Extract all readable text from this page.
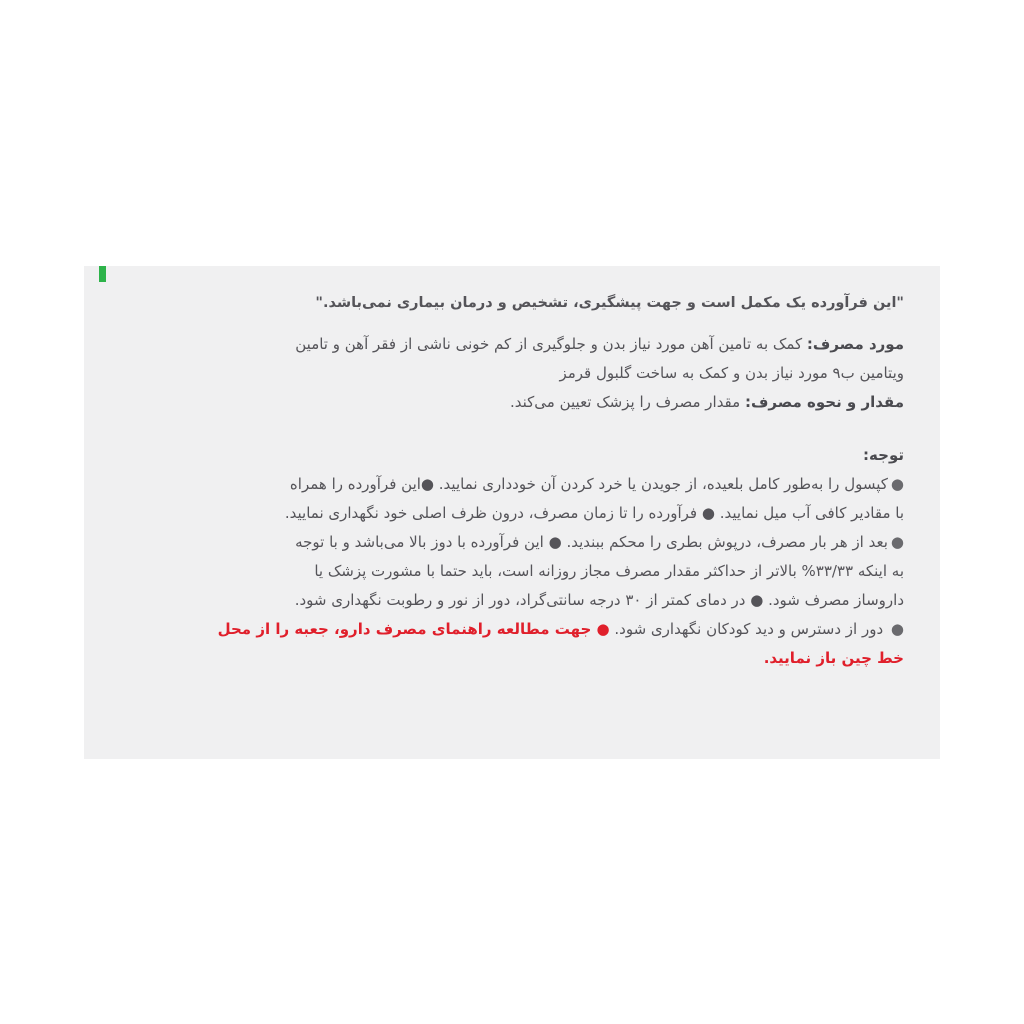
"این فرآورده یک مکمل است و جهت پیشگیری، تشخیص و درمان بیماری نمی‌باشد."
مورد مصرف: کمک به تامین آهن مورد نیاز بدن و جلوگیری از کم خونی ناشی از فقر آهن و تامین
ویتامین ب۹ مورد نیاز بدن و کمک به ساخت گلبول قرمز
مقدار و نحوه مصرف: مقدار مصرف را پزشک تعیین می‌کند.
توجه:
●کپسول را به‌طور کامل بلعیده، از جویدن یا خرد کردن آن خودداری نمایید. ●این فرآورده را همراه
با مقادیر کافی آب میل نمایید. ● فرآورده را تا زمان مصرف، درون ظرف اصلی خود نگهداری نمایید.
●بعد از هر بار مصرف، درپوش بطری را محکم ببندید. ● این فرآورده با دوز بالا می‌باشد و با توجه
به اینکه ۳۳/۳۳% بالاتر از حداکثر مقدار مصرف مجاز روزانه است، باید حتما با مشورت پزشک یا
داروساز مصرف شود. ● در دمای کمتر از ۳۰ درجه سانتی‌گراد، دور از نور و رطوبت نگهداری شود.
● دور از دسترس و دید کودکان نگهداری شود. ● جهت مطالعه راهنمای مصرف دارو، جعبه را از محل
خط چین باز نمایید.
